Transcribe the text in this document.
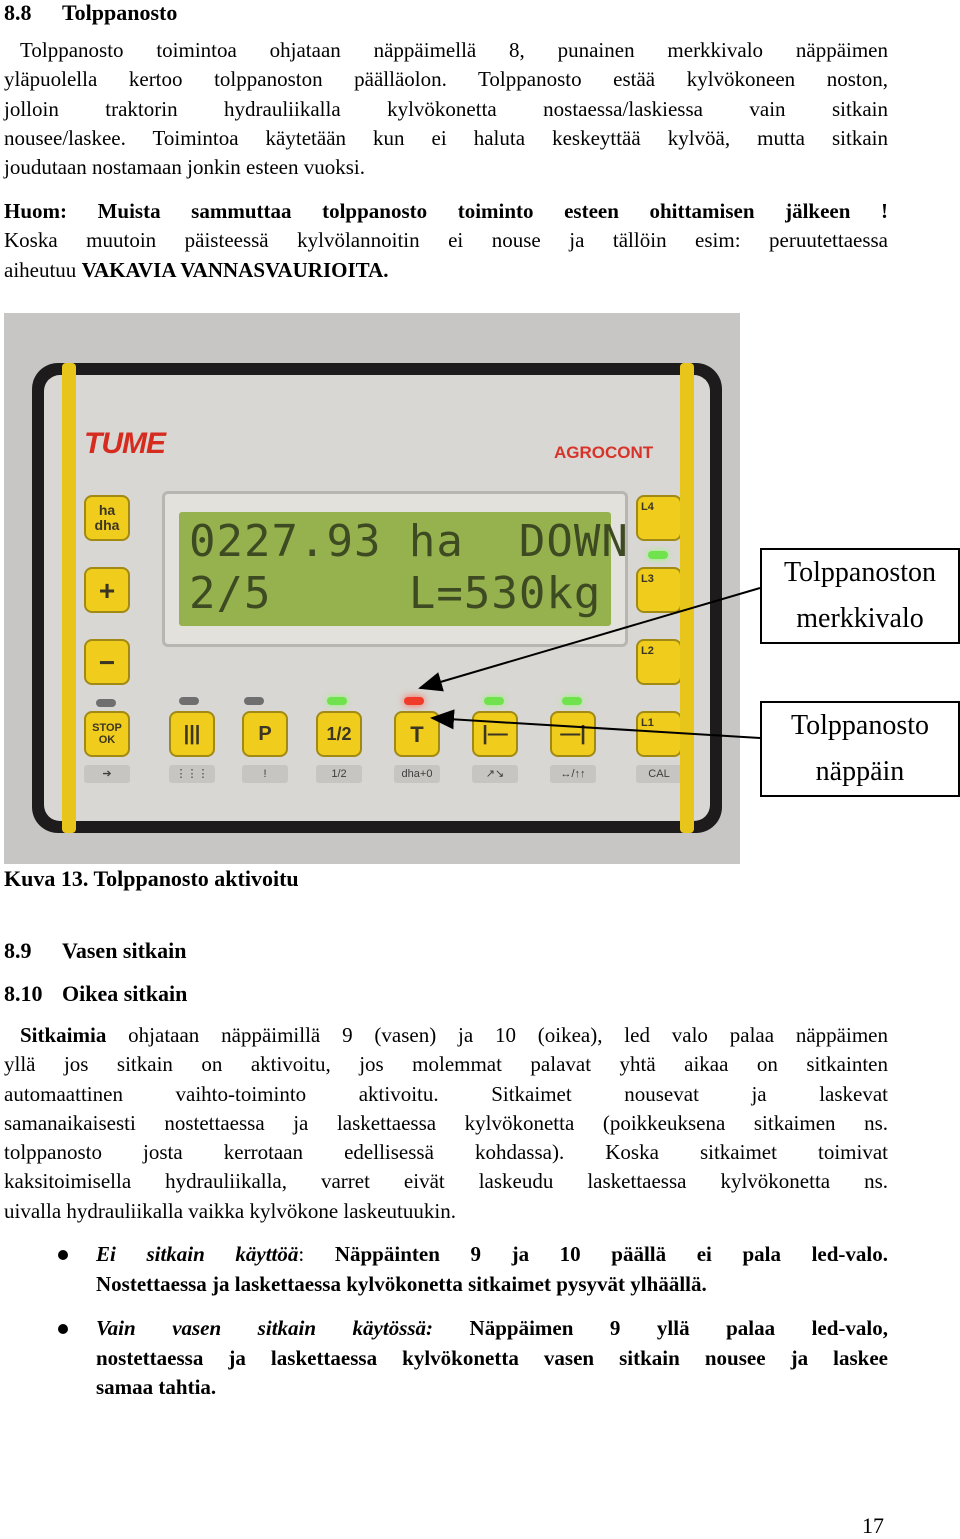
8.8 Tolppanosto
Tolppanosto toimintoa ohjataan näppäimellä 8, punainen merkkivalo näppäimen
yläpuolella kertoo tolppanoston päälläolon. Tolppanosto estää kylvökoneen noston,
jolloin traktorin hydrauliikalla kylvökonetta nostaessa/laskiessa vain sitkain
nousee/laskee. Toimintoa käytetään kun ei haluta keskeyttää kylvöä, mutta sitkain
joudutaan nostamaan jonkin esteen vuoksi.
Huom: Muista sammuttaa tolppanosto toiminto esteen ohittamisen jälkeen !
Koska muutoin päisteessä kylvölannoitin ei nouse ja tällöin esim: peruutettaessa
aiheutuu VAKAVIA VANNASVAURIOITA.
TUME	AGROCONT
0227.93 ha  DOWN
2/5     L=530kg
ha dha
+
−
STOP OK
➔
|||	P	1/2	T	|—	—|
⋮⋮⋮	!	1/2	dha+0	↗↘	↔/↑↑
L4
L3
L2
L1
CAL
Tolppanoston
merkkivalo
Tolppanosto
näppäin
Kuva 13. Tolppanosto aktivoitu
8.9 Vasen sitkain
8.10 Oikea sitkain
Sitkaimia ohjataan näppäimillä 9 (vasen) ja 10 (oikea), led valo palaa näppäimen
yllä jos sitkain on aktivoitu, jos molemmat palavat yhtä aikaa on sitkainten
automaattinen vaihto-toiminto aktivoitu. Sitkaimet nousevat ja laskevat
samanaikaisesti nostettaessa ja laskettaessa kylvökonetta (poikkeuksena sitkaimen ns.
tolppanosto josta kerrotaan edellisessä kohdassa). Koska sitkaimet toimivat
kaksitoimisella hydrauliikalla, varret eivät laskeudu laskettaessa kylvökonetta ns.
uivalla hydrauliikalla vaikka kylvökone laskeutuukin.
Ei sitkain käyttöä: Näppäinten 9 ja 10 päällä ei pala led-valo.
Nostettaessa ja laskettaessa kylvökonetta sitkaimet pysyvät ylhäällä.
Vain vasen sitkain käytössä: Näppäimen 9 yllä palaa led-valo,
nostettaessa ja laskettaessa kylvökonetta vasen sitkain nousee ja laskee
samaa tahtia.
17
